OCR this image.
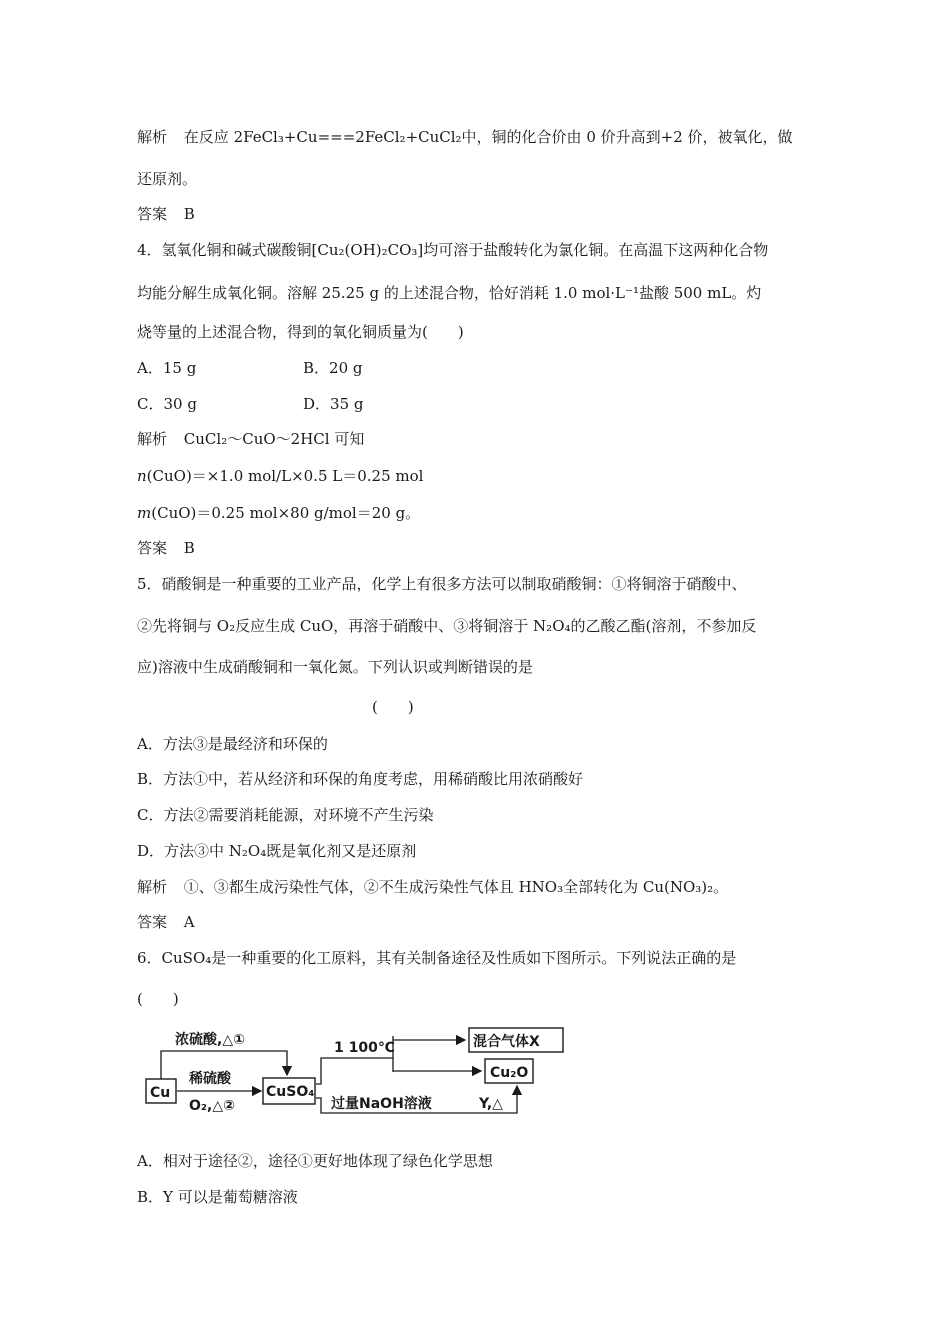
解析 在反应 2FeCl₃+Cu===2FeCl₂+CuCl₂中，铜的化合价由 0 价升高到+2 价，被氧化，做
还原剂。
答案 B
4．氢氧化铜和碱式碳酸铜[Cu₂(OH)₂CO₃]均可溶于盐酸转化为氯化铜。在高温下这两种化合物
均能分解生成氧化铜。溶解 25.25 g 的上述混合物，恰好消耗 1.0 mol·L⁻¹盐酸 500 mL。灼
烧等量的上述混合物，得到的氧化铜质量为(　　)
A．15 g	B．20 g
C．30 g	D．35 g
解析 CuCl₂～CuO～2HCl 可知
n(CuO)＝×1.0 mol/L×0.5 L＝0.25 mol
m(CuO)＝0.25 mol×80 g/mol＝20 g。
答案 B
5．硝酸铜是一种重要的工业产品，化学上有很多方法可以制取硝酸铜：①将铜溶于硝酸中、
②先将铜与 O₂反应生成 CuO，再溶于硝酸中、③将铜溶于 N₂O₄的乙酸乙酯(溶剂，不参加反
应)溶液中生成硝酸铜和一氧化氮。下列认识或判断错误的是
(　　)
A．方法③是最经济和环保的
B．方法①中，若从经济和环保的角度考虑，用稀硝酸比用浓硝酸好
C．方法②需要消耗能源，对环境不产生污染
D．方法③中 N₂O₄既是氧化剂又是还原剂
解析 ①、③都生成污染性气体，②不生成污染性气体且 HNO₃全部转化为 Cu(NO₃)₂。
答案 A
6．CuSO₄是一种重要的化工原料，其有关制备途径及性质如下图所示。下列说法正确的是
(　　)
Cu
浓硫酸,△①
稀硫酸
O₂,△②
CuSO₄
1 100℃	混合气体X
Cu₂O
过量NaOH溶液	Y,△
A．相对于途径②，途径①更好地体现了绿色化学思想
B．Y 可以是葡萄糖溶液
